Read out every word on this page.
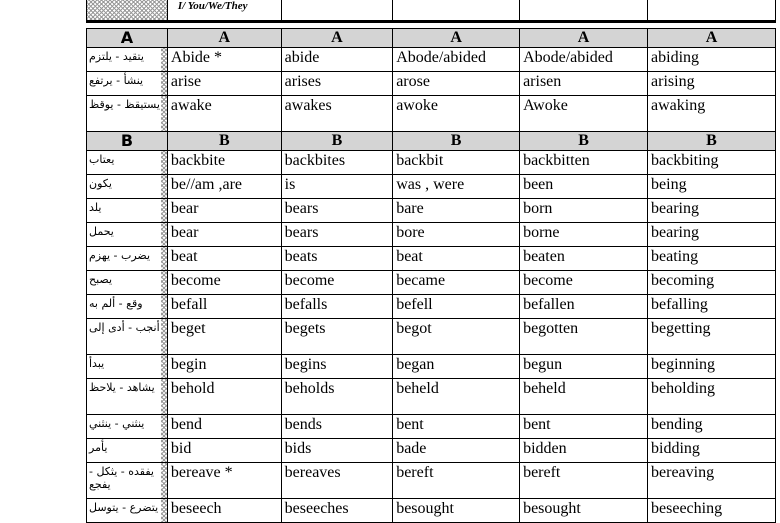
	I/ You/We/They				

A	A	A	A	A	A
يتقيد - يلتزم	Abide *	abide	Abode/abided	Abode/abided	abiding
ينشأ - يرتفع	arise	arises	arose	arisen	arising
يستيقظ - يوقظ	awake	awakes	awoke	Awoke	awaking
B	B	B	B	B	B
يعتاب	backbite	backbites	backbit	backbitten	backbiting
يكون	be//am ,are	is	was , were	been	being
يلد	bear	bears	bare	born	bearing
يحمل	bear	bears	bore	borne	bearing
يضرب - يهزم	beat	beats	beat	beaten	beating
يصبح	become	become	became	become	becoming
وقع - ألم به	befall	befalls	befell	befallen	befalling
أنجب - أدى إلى	beget	begets	begot	begotten	begetting
يبدأ	begin	begins	began	begun	beginning
يشاهد - يلاحظ	behold	beholds	beheld	beheld	beholding
ينثني - ينثني	bend	bends	bent	bent	bending
يأمر	bid	bids	bade	bidden	bidding
يفقده - يثكل - يفجع	bereave *	bereaves	bereft	bereft	bereaving
يتضرع - يتوسل	beseech	beseeches	besought	besought	beseeching
